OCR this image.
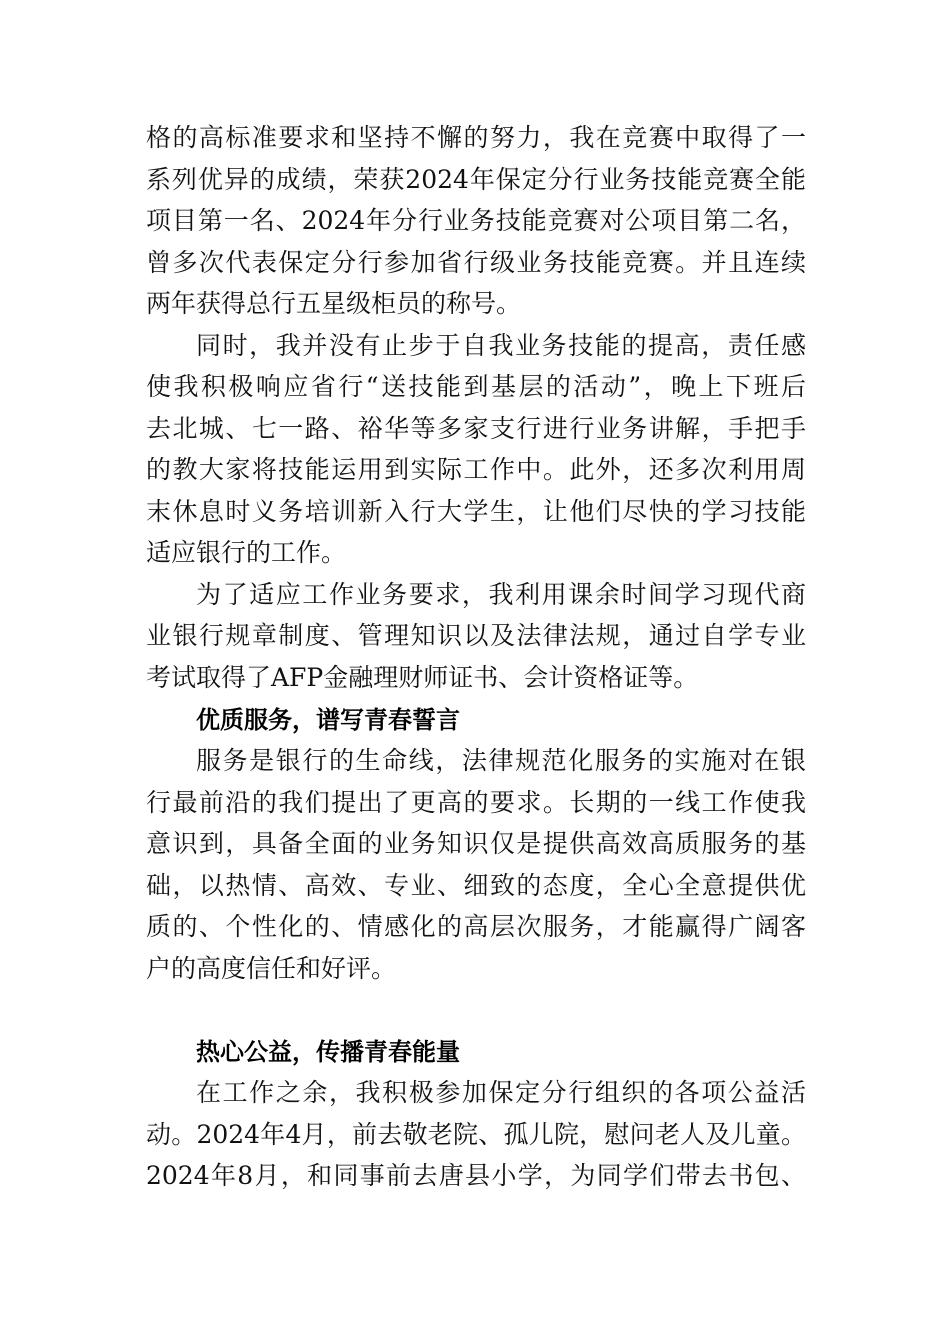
格的高标准要求和坚持不懈的努力，我在竞赛中取得了一
系列优异的成绩，荣获2024年保定分行业务技能竞赛全能
项目第一名、2024年分行业务技能竞赛对公项目第二名，
曾多次代表保定分行参加省行级业务技能竞赛。并且连续
两年获得总行五星级柜员的称号。
同时，我并没有止步于自我业务技能的提高，责任感
使我积极响应省行“送技能到基层的活动”，晚上下班后
去北城、七一路、裕华等多家支行进行业务讲解，手把手
的教大家将技能运用到实际工作中。此外，还多次利用周
末休息时义务培训新入行大学生，让他们尽快的学习技能
适应银行的工作。
为了适应工作业务要求，我利用课余时间学习现代商
业银行规章制度、管理知识以及法律法规，通过自学专业
考试取得了AFP金融理财师证书、会计资格证等。
优质服务，谱写青春誓言
服务是银行的生命线，法律规范化服务的实施对在银
行最前沿的我们提出了更高的要求。长期的一线工作使我
意识到，具备全面的业务知识仅是提供高效高质服务的基
础，以热情、高效、专业、细致的态度，全心全意提供优
质的、个性化的、情感化的高层次服务，才能赢得广阔客
户的高度信任和好评。
热心公益，传播青春能量
在工作之余，我积极参加保定分行组织的各项公益活
动。2024年4月，前去敬老院、孤儿院，慰问老人及儿童。
2024年8月，和同事前去唐县小学，为同学们带去书包、
